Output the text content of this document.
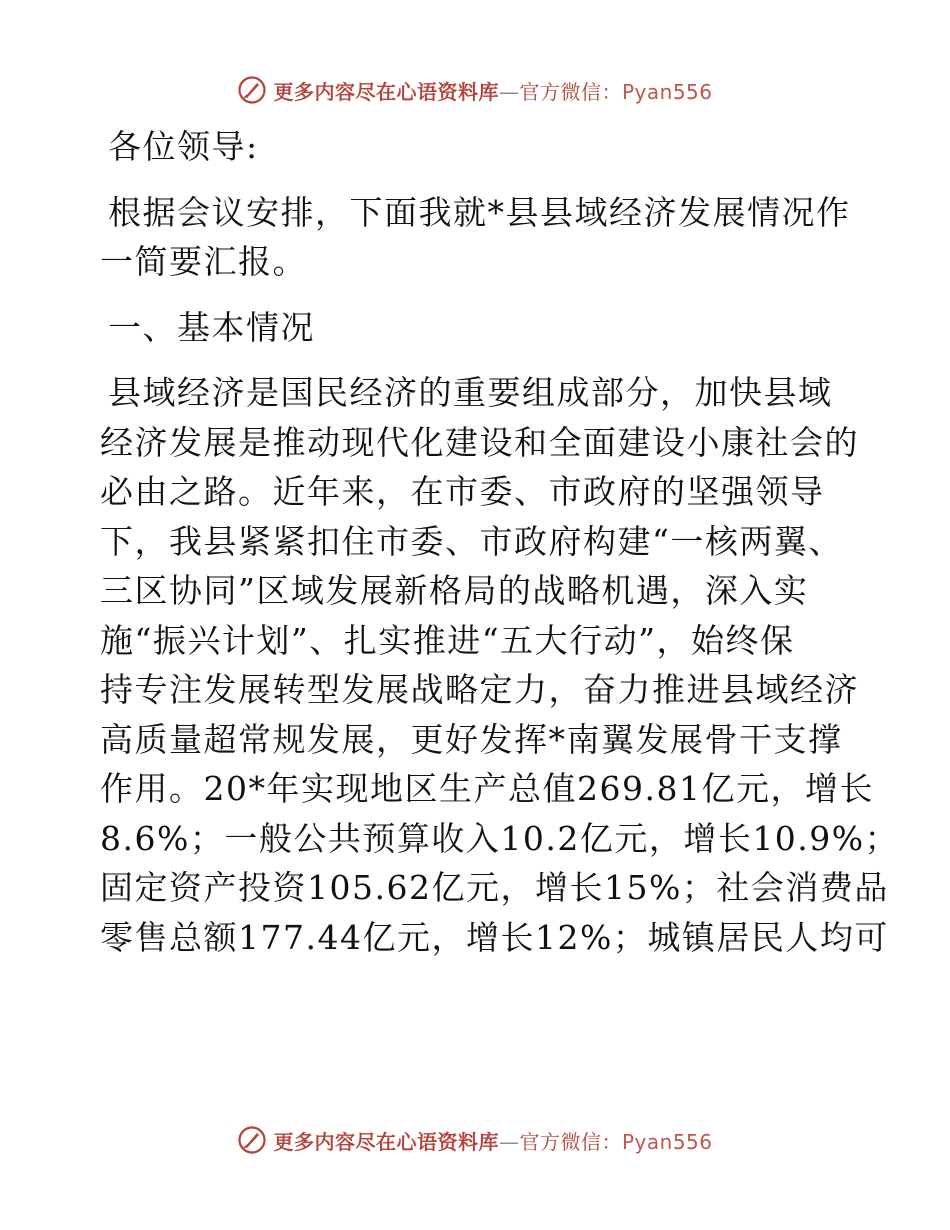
更多内容尽在心语资料库—官方微信：Pyan556
各位领导:
根据会议安排，下面我就*县县域经济发展情况作
一简要汇报。
一、基本情况
县域经济是国民经济的重要组成部分，加快县域
经济发展是推动现代化建设和全面建设小康社会的
必由之路。近年来，在市委、市政府的坚强领导
下，我县紧紧扣住市委、市政府构建“一核两翼、
三区协同”区域发展新格局的战略机遇，深入实
施“振兴计划”、扎实推进“五大行动”，始终保
持专注发展转型发展战略定力，奋力推进县域经济
高质量超常规发展，更好发挥*南翼发展骨干支撑
作用。20*年实现地区生产总值269.81亿元，增长
8.6%；一般公共预算收入10.2亿元，增长10.9%；
固定资产投资105.62亿元，增长15%；社会消费品
零售总额177.44亿元，增长12%；城镇居民人均可
更多内容尽在心语资料库—官方微信：Pyan556
